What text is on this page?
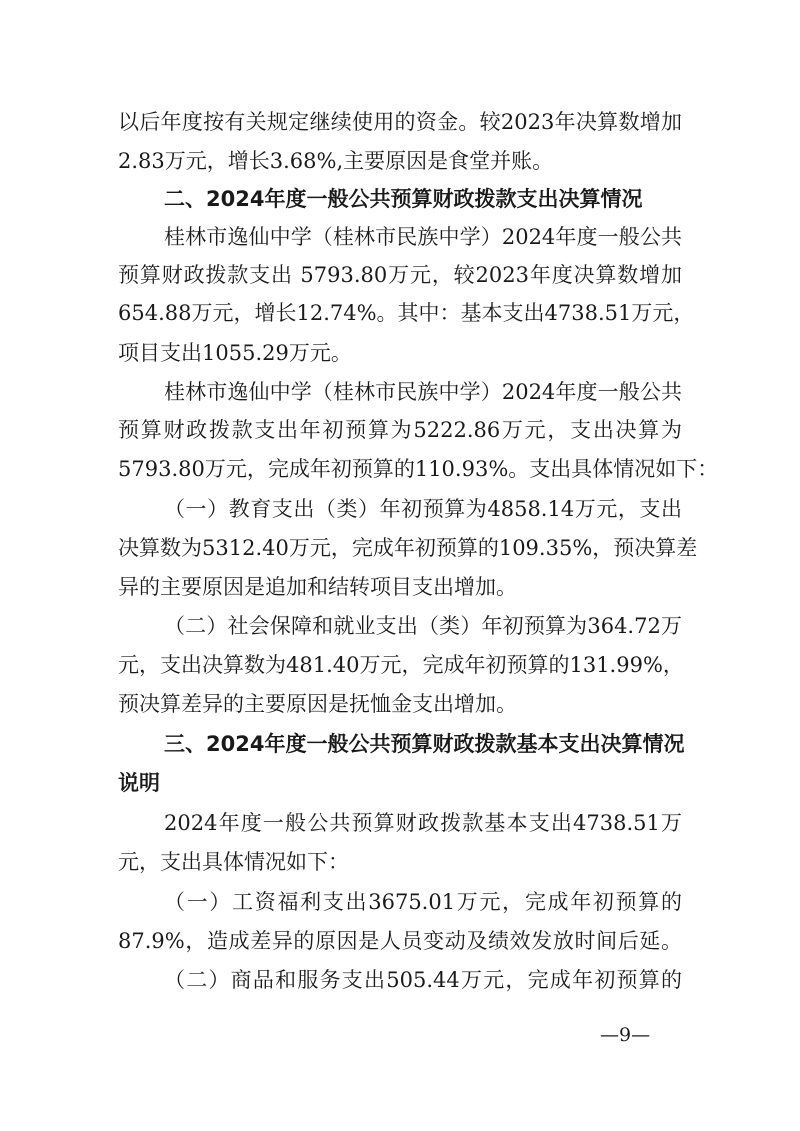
以后年度按有关规定继续使用的资金。较2023年决算数增加
2.83万元，增长3.68%,主要原因是食堂并账。
二、2024年度一般公共预算财政拨款支出决算情况
桂林市逸仙中学（桂林市民族中学）2024年度一般公共
预算财政拨款支出 5793.80万元，较2023年度决算数增加
654.88万元，增长12.74%。其中：基本支出4738.51万元，
项目支出1055.29万元。
桂林市逸仙中学（桂林市民族中学）2024年度一般公共
预算财政拨款支出年初预算为5222.86万元，支出决算为
5793.80万元，完成年初预算的110.93%。支出具体情况如下：
（一）教育支出（类）年初预算为4858.14万元，支出
决算数为5312.40万元，完成年初预算的109.35%，预决算差
异的主要原因是追加和结转项目支出增加。
（二）社会保障和就业支出（类）年初预算为364.72万
元，支出决算数为481.40万元，完成年初预算的131.99%，
预决算差异的主要原因是抚恤金支出增加。
三、2024年度一般公共预算财政拨款基本支出决算情况
说明
2024年度一般公共预算财政拨款基本支出4738.51万
元，支出具体情况如下：
（一）工资福利支出3675.01万元，完成年初预算的
87.9%，造成差异的原因是人员变动及绩效发放时间后延。
（二）商品和服务支出505.44万元，完成年初预算的
—9—
